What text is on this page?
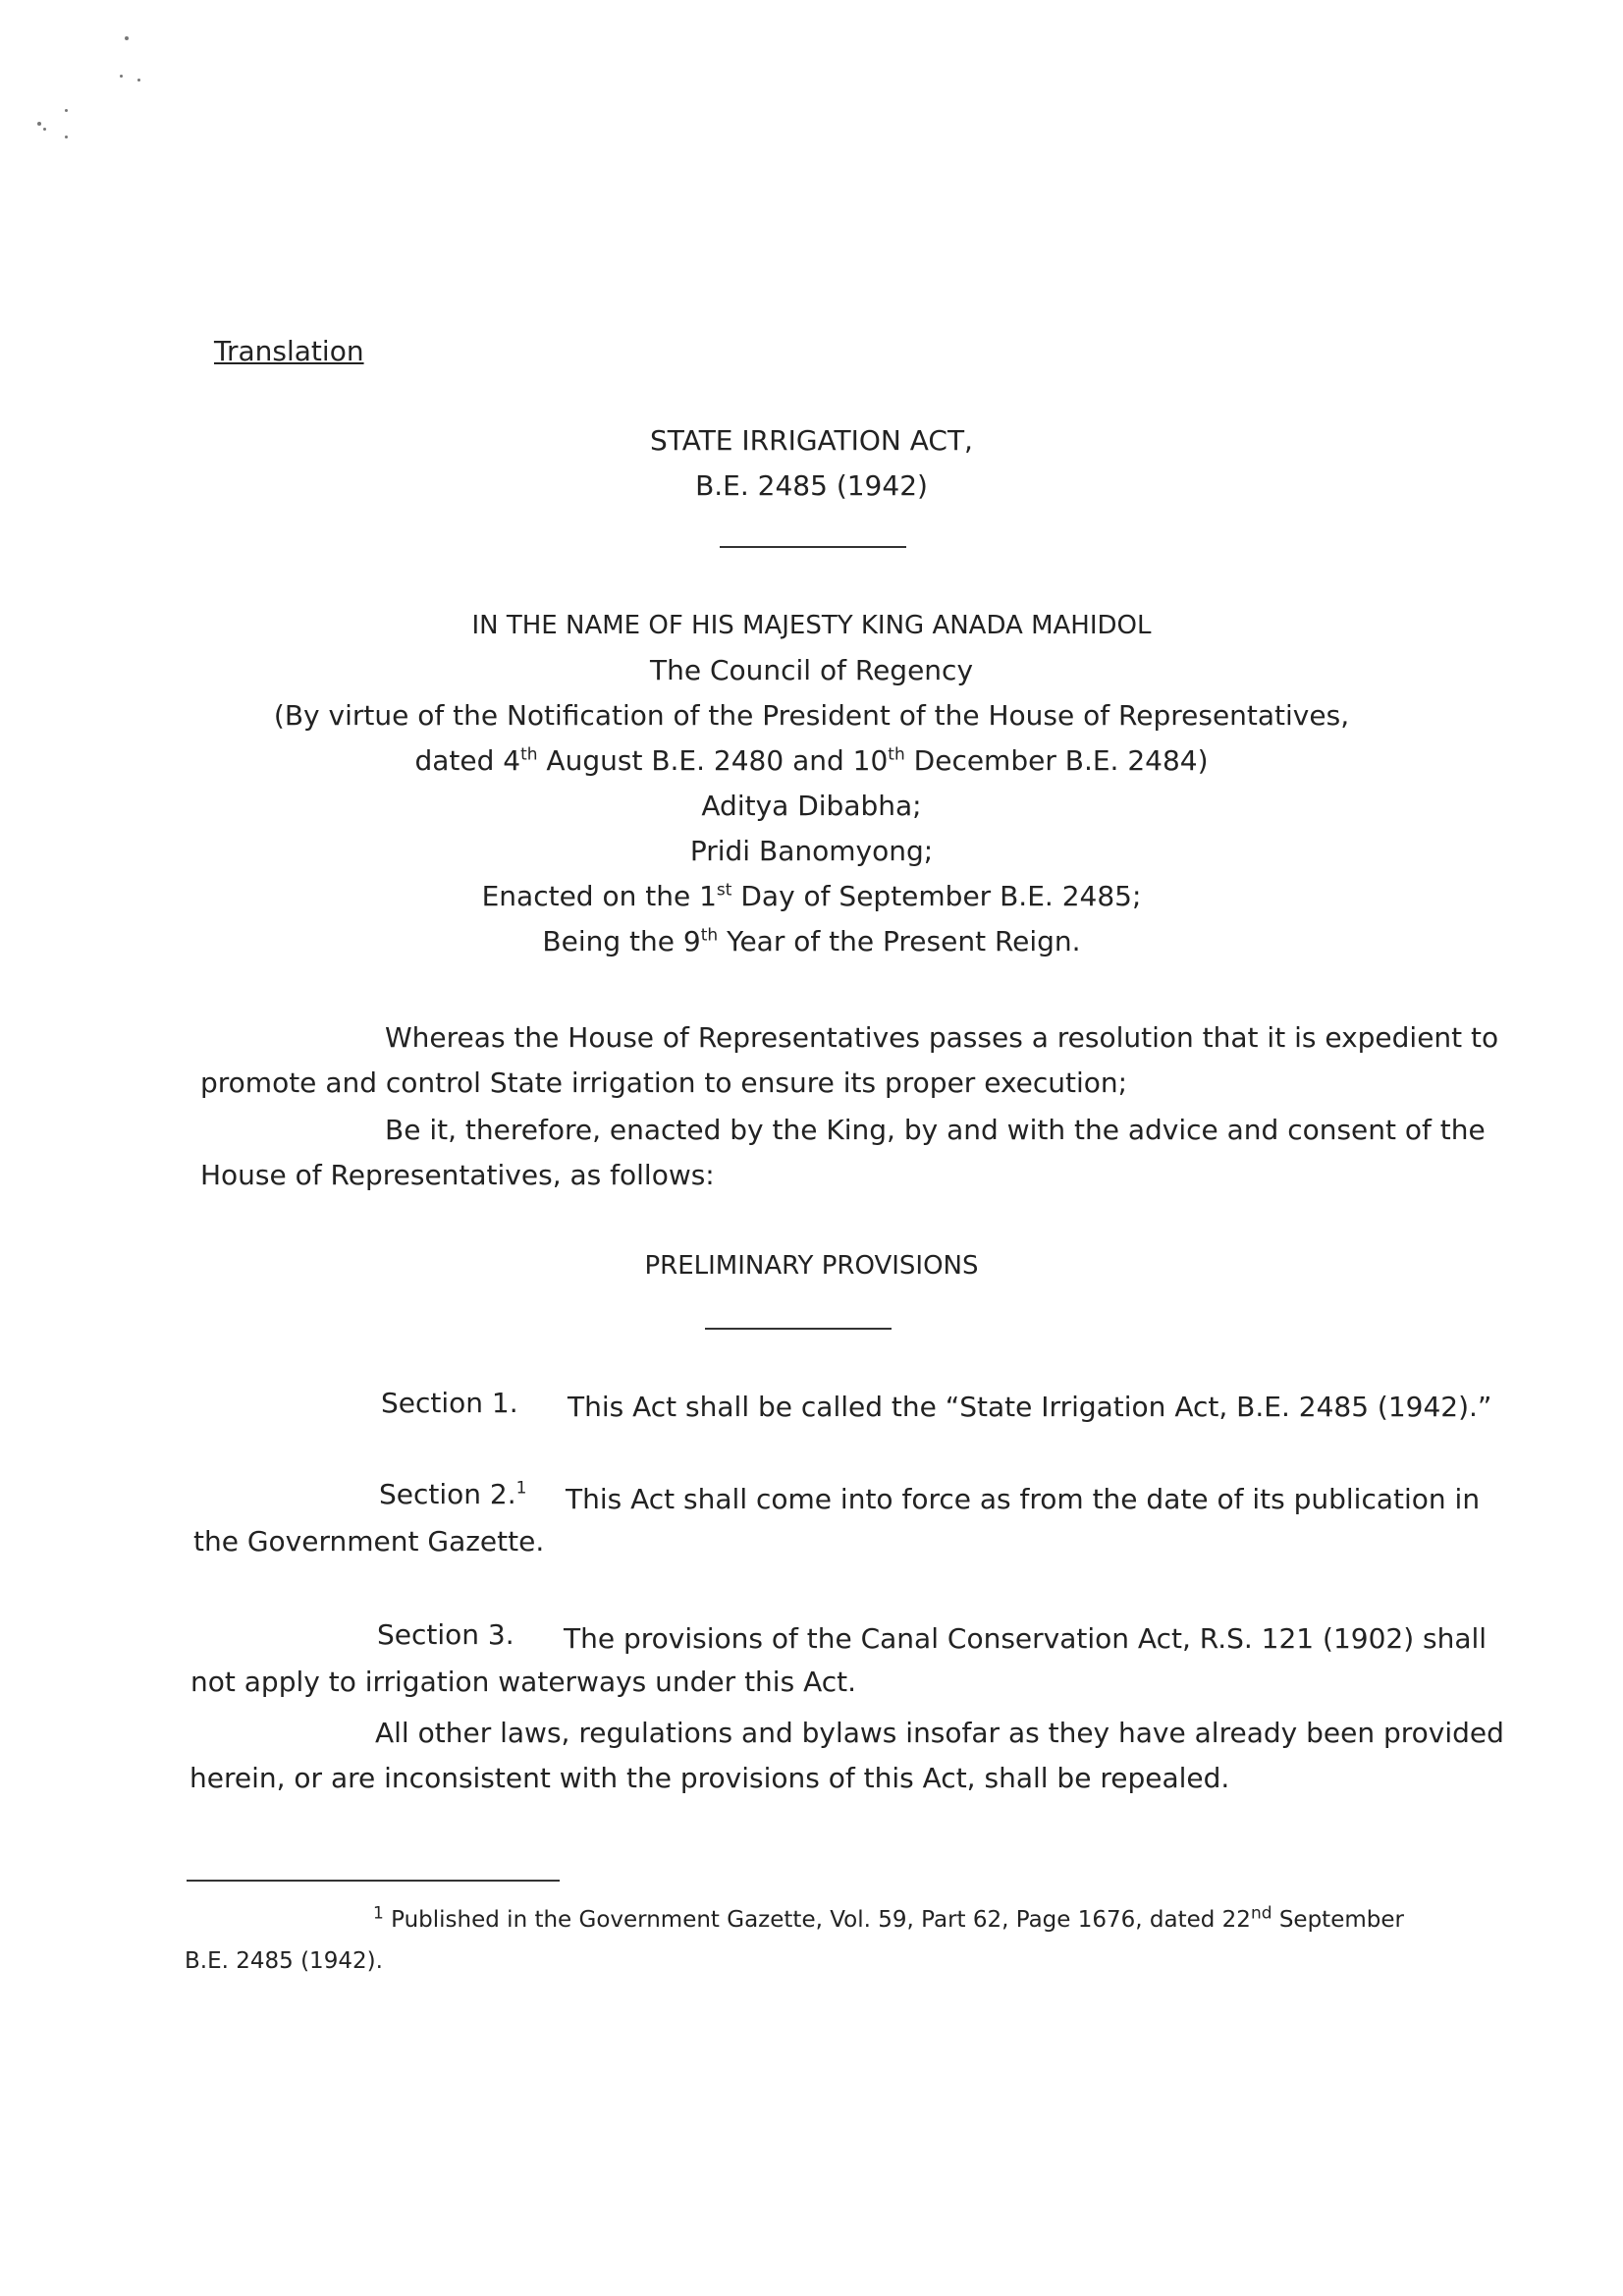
Translation
STATE IRRIGATION ACT,
B.E. 2485 (1942)
IN THE NAME OF HIS MAJESTY KING ANADA MAHIDOL
The Council of Regency
(By virtue of the Notification of the President of the House of Representatives,
dated 4th August B.E. 2480 and 10th December B.E. 2484)
Aditya Dibabha;
Pridi Banomyong;
Enacted on the 1st Day of September B.E. 2485;
Being the 9th Year of the Present Reign.
Whereas the House of Representatives passes a resolution that it is expedient to
promote and control State irrigation to ensure its proper execution;
Be it, therefore, enacted by the King, by and with the advice and consent of the
House of Representatives, as follows:
PRELIMINARY PROVISIONS
Section 1. This Act shall be called the “State Irrigation Act, B.E. 2485 (1942).”
Section 2.$^1$ This Act shall come into force as from the date of its publication in
the Government Gazette.
Section 3. The provisions of the Canal Conservation Act, R.S. 121 (1902) shall
not apply to irrigation waterways under this Act.
All other laws, regulations and bylaws insofar as they have already been provided
herein, or are inconsistent with the provisions of this Act, shall be repealed.
$^1$ Published in the Government Gazette, Vol. 59, Part 62, Page 1676, dated 22nd September
B.E. 2485 (1942).
